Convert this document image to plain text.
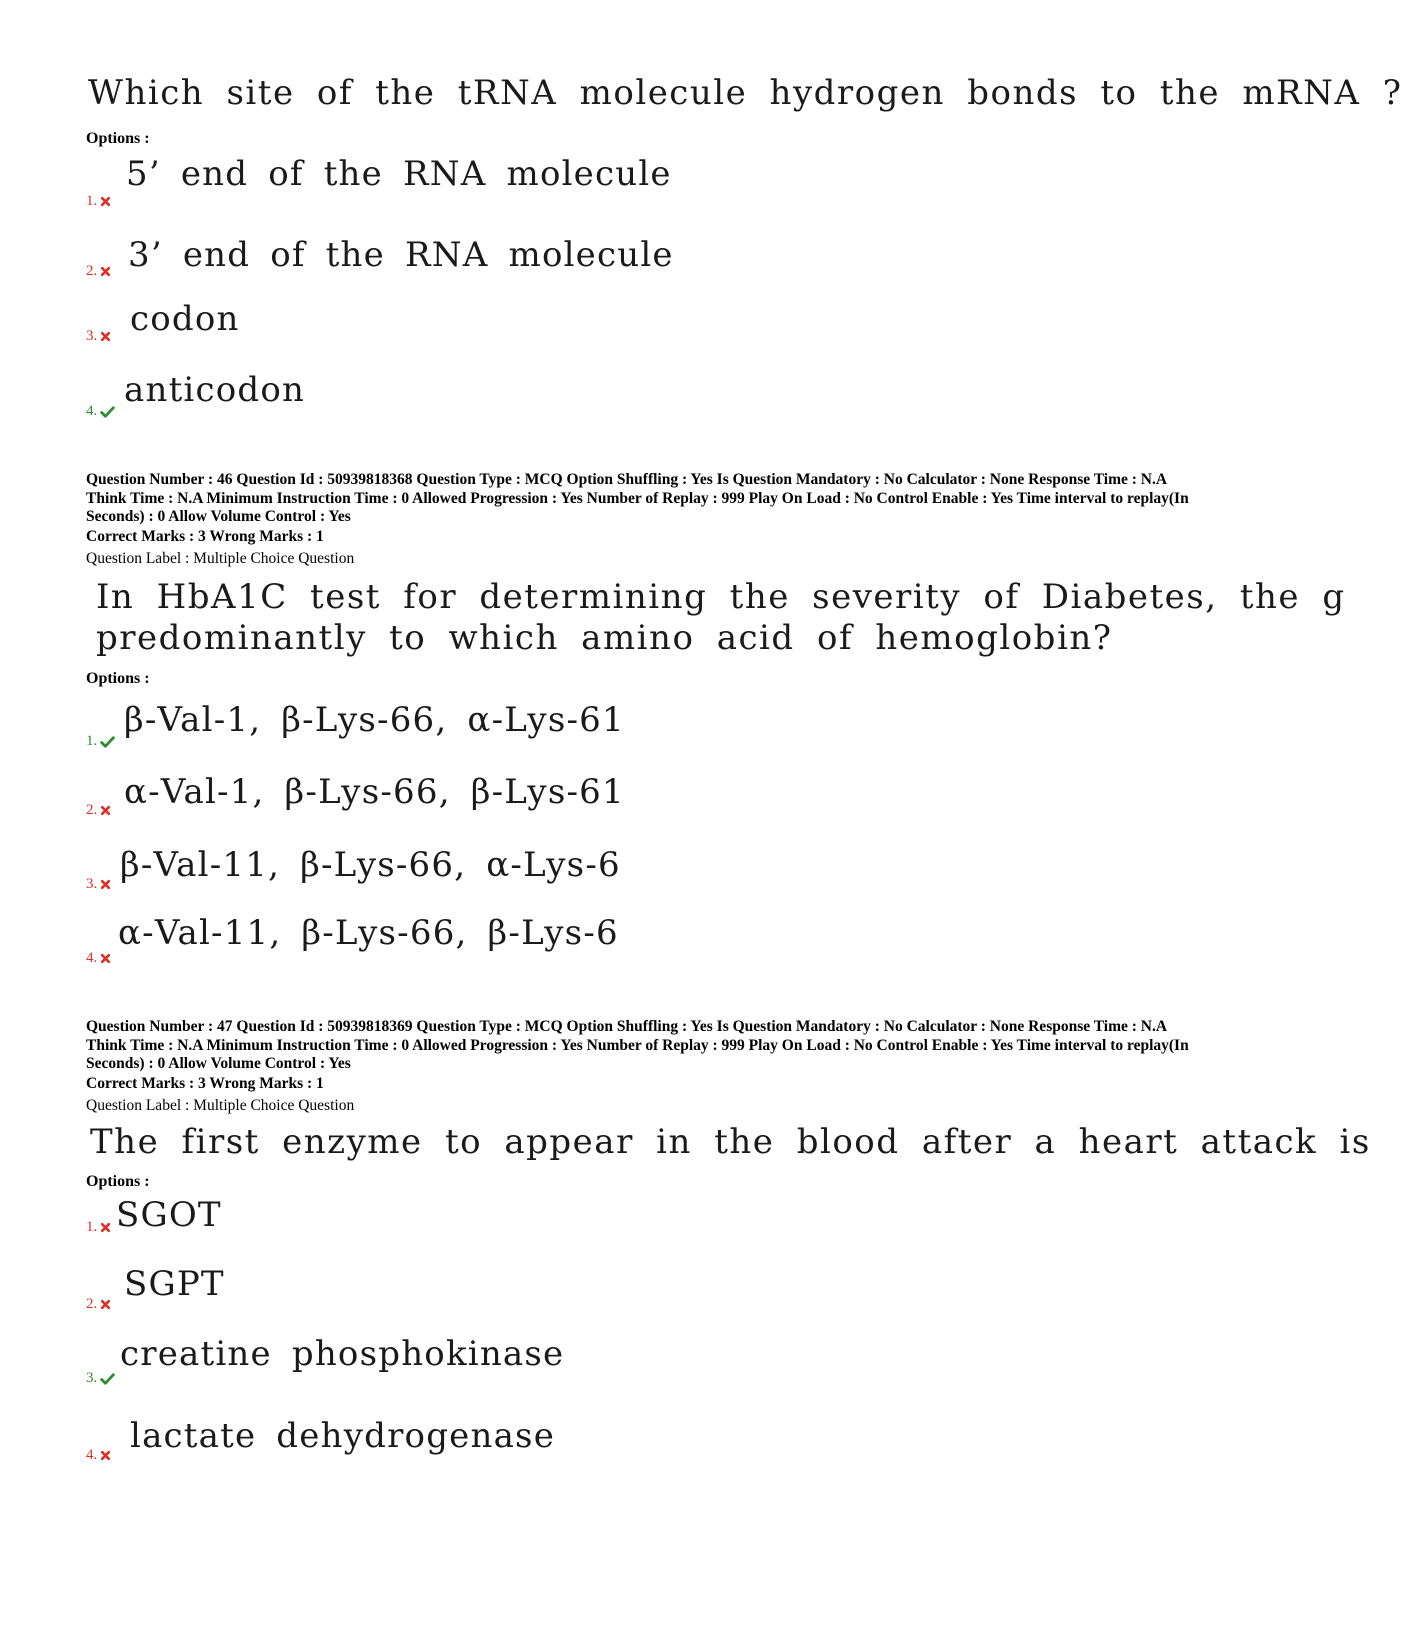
Which site of the tRNA molecule hydrogen bonds to the mRNA ?
Options :
1.
5’ end of the RNA molecule
2. 3’ end of the RNA molecule
3. codon
4.
anticodon
Question Number : 46 Question Id : 50939818368 Question Type : MCQ Option Shuffling : Yes Is Question Mandatory : No Calculator : None Response Time : N.A Think Time : N.A Minimum Instruction Time : 0 Allowed Progression : Yes Number of Replay : 999 Play On Load : No Control Enable : Yes Time interval to replay(In Seconds) : 0 Allow Volume Control : Yes
Correct Marks : 3 Wrong Marks : 1
Question Label : Multiple Choice Question
In HbA1C test for determining the severity of Diabetes, the g
predominantly to which amino acid of hemoglobin?
Options :
1.
β-Val-1, β-Lys-66, α-Lys-61
2. α-Val-1, β-Lys-66, β-Lys-61
3. β-Val-11, β-Lys-66, α-Lys-6
4.
α-Val-11, β-Lys-66, β-Lys-6
Question Number : 47 Question Id : 50939818369 Question Type : MCQ Option Shuffling : Yes Is Question Mandatory : No Calculator : None Response Time : N.A Think Time : N.A Minimum Instruction Time : 0 Allowed Progression : Yes Number of Replay : 999 Play On Load : No Control Enable : Yes Time interval to replay(In Seconds) : 0 Allow Volume Control : Yes
Correct Marks : 3 Wrong Marks : 1
Question Label : Multiple Choice Question
The first enzyme to appear in the blood after a heart attack is
Options :
1. SGOT
2. SGPT
3.
creatine phosphokinase
4. lactate dehydrogenase
